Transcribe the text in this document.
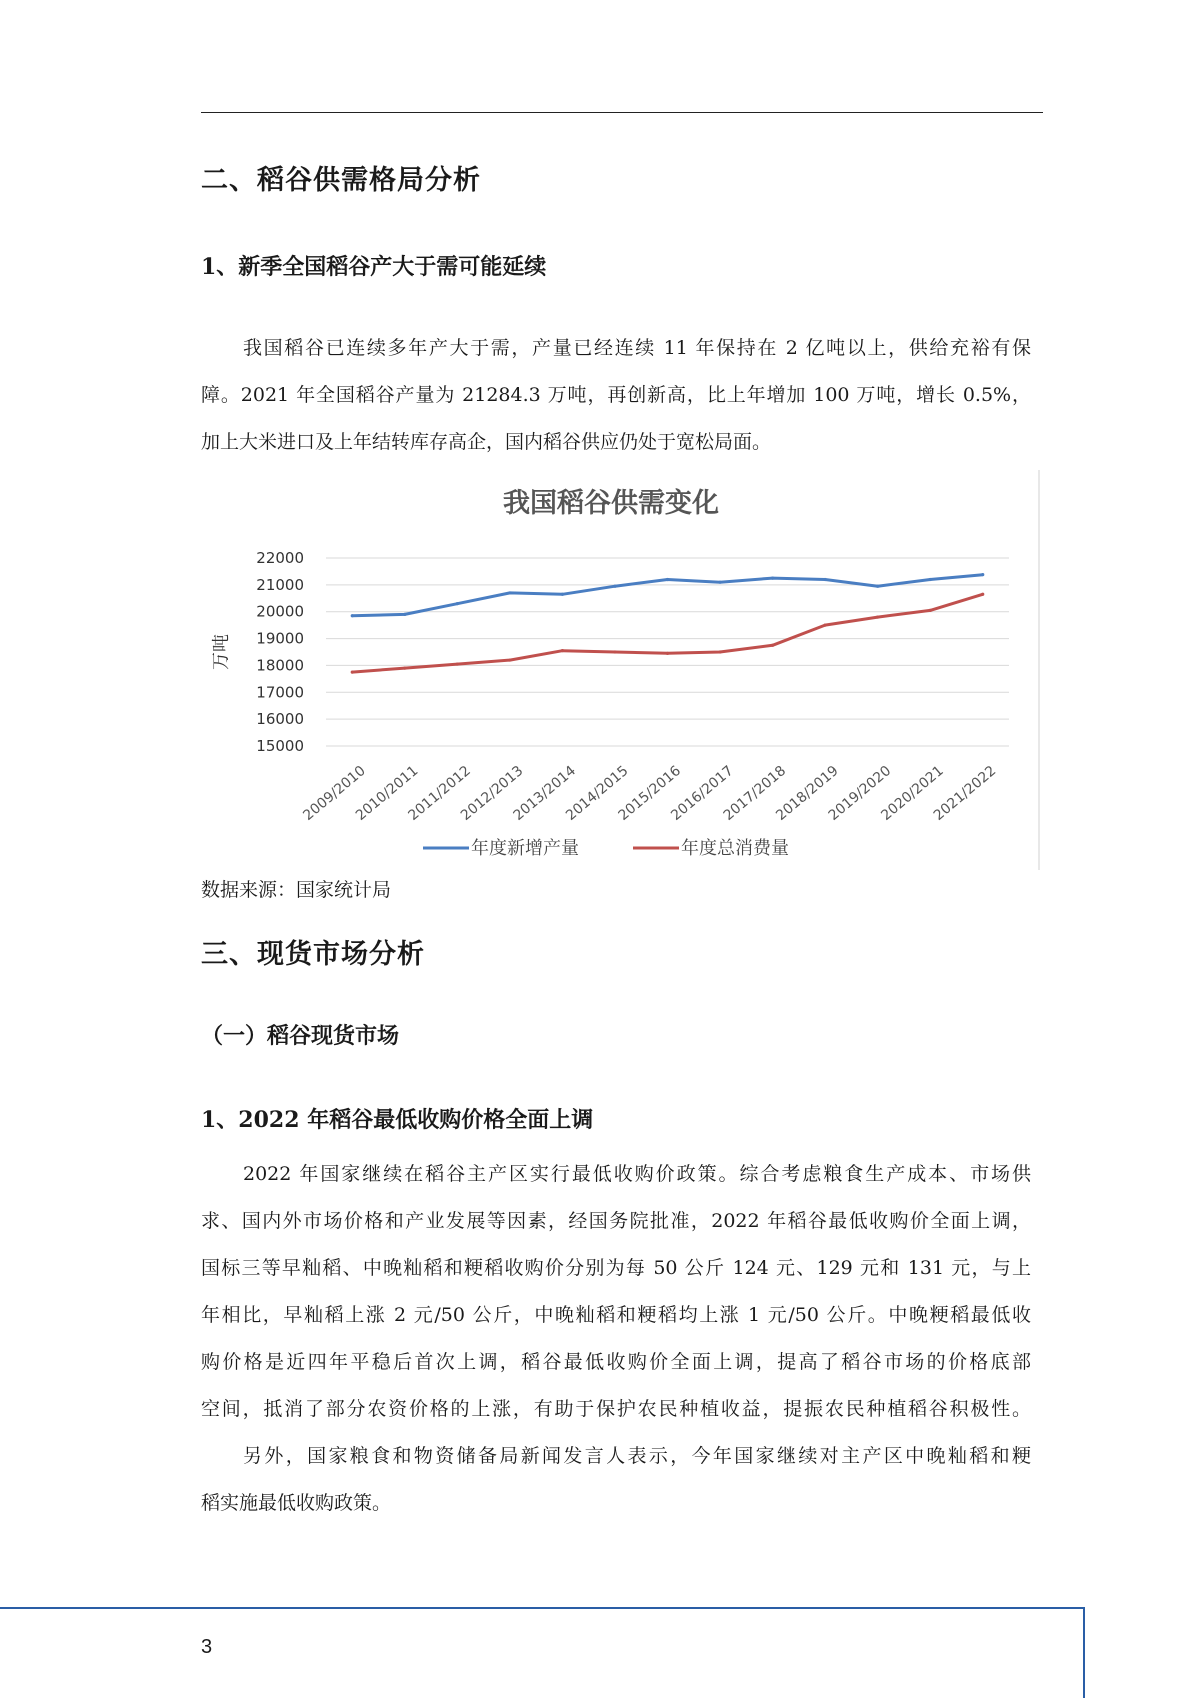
二、稻谷供需格局分析
1、新季全国稻谷产大于需可能延续
我国稻谷已连续多年产大于需，产量已经连续 11 年保持在 2 亿吨以上，供给充裕有保
障。2021 年全国稻谷产量为 21284.3 万吨，再创新高，比上年增加 100 万吨，增长 0.5%，
加上大米进口及上年结转库存高企，国内稻谷供应仍处于宽松局面。
我国稻谷供需变化
15000
16000
17000
18000
19000
20000
21000
22000
万吨
2009/2010
2010/2011
2011/2012
2012/2013
2013/2014
2014/2015
2015/2016
2016/2017
2017/2018
2018/2019
2019/2020
2020/2021
2021/2022
年度新增产量	年度总消费量
数据来源：国家统计局
三、现货市场分析
（一）稻谷现货市场
1、2022 年稻谷最低收购价格全面上调
2022 年国家继续在稻谷主产区实行最低收购价政策。综合考虑粮食生产成本、市场供
求、国内外市场价格和产业发展等因素，经国务院批准，2022 年稻谷最低收购价全面上调，
国标三等早籼稻、中晚籼稻和粳稻收购价分别为每 50 公斤 124 元、129 元和 131 元，与上
年相比，早籼稻上涨 2 元/50 公斤，中晚籼稻和粳稻均上涨 1 元/50 公斤。中晚粳稻最低收
购价格是近四年平稳后首次上调，稻谷最低收购价全面上调，提高了稻谷市场的价格底部
空间，抵消了部分农资价格的上涨，有助于保护农民种植收益，提振农民种植稻谷积极性。
另外，国家粮食和物资储备局新闻发言人表示，今年国家继续对主产区中晚籼稻和粳
稻实施最低收购政策。
3
